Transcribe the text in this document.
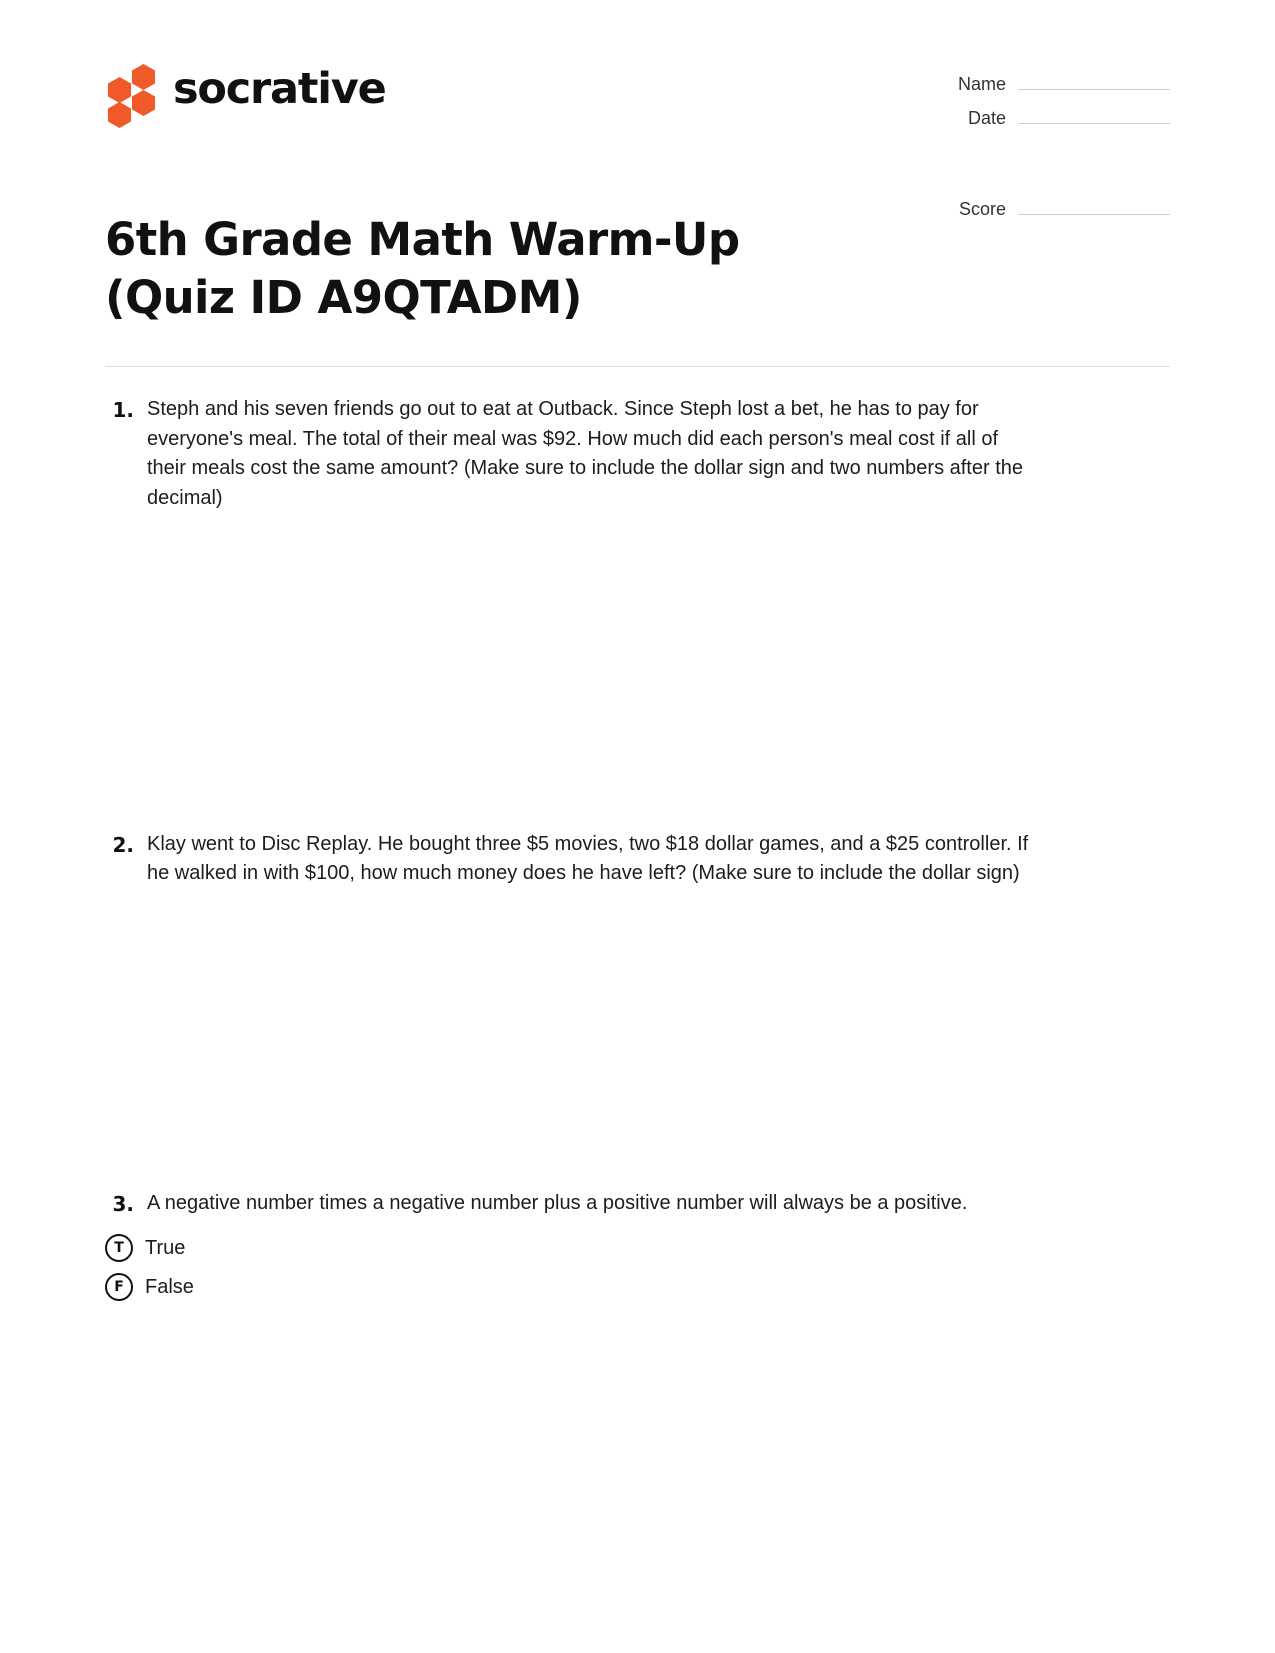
socrative	Name
Date
Score
6th Grade Math Warm-Up (Quiz ID A9QTADM)
1. Steph and his seven friends go out to eat at Outback. Since Steph lost a bet, he has to pay for everyone's meal. The total of their meal was $92. How much did each person's meal cost if all of their meals cost the same amount? (Make sure to include the dollar sign and two numbers after the decimal)

2. Klay went to Disc Replay. He bought three $5 movies, two $18 dollar games, and a $25 controller. If he walked in with $100, how much money does he have left? (Make sure to include the dollar sign)

3. A negative number times a negative number plus a positive number will always be a positive.

T	True
F	False
